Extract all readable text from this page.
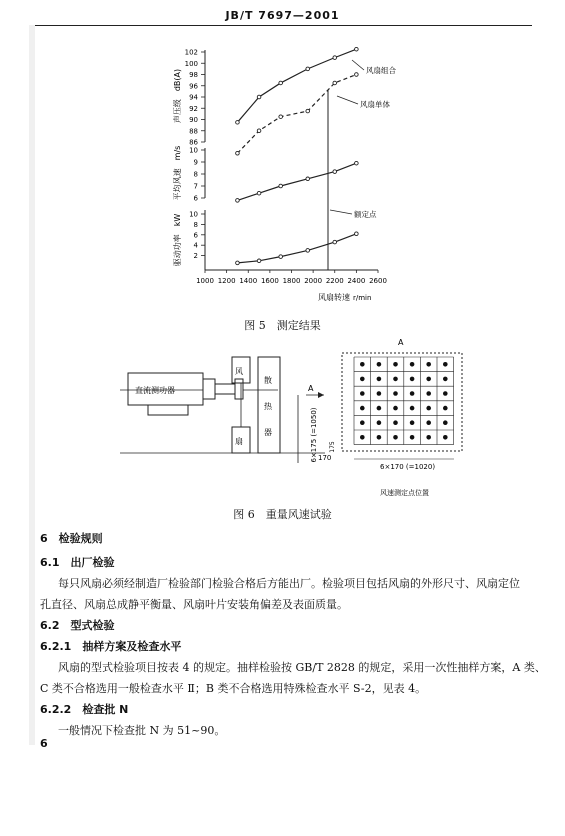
JB/T 7697—2001
1000 1200 1400 1600 1800 2000 2200 2400 2600
102
100
98
96
94
92
90
88
86
10
9
8
7
6
10
8
6
4
2
声压级　dB(A)
平均风速　m/s
驱动功率　kW
风扇组合
风扇单体
额定点
风扇转速 r/min
图 5　测定结果
直流测功器
风
扇
散
热
器
A
A
6×175 (=1050) 170
175
6×170 (=1020)
风速测定点位置
图 6　重量风速试验
6　检验规则
6.1　出厂检验
每只风扇必须经制造厂检验部门检验合格后方能出厂。检验项目包括风扇的外形尺寸、风扇定位
孔直径、风扇总成静平衡量、风扇叶片安装角偏差及表面质量。
6.2　型式检验
6.2.1　抽样方案及检查水平
风扇的型式检验项目按表 4 的规定。抽样检验按 GB/T 2828 的规定，采用一次性抽样方案，A 类、
C 类不合格选用一般检查水平 Ⅱ；B 类不合格选用特殊检查水平 S-2，见表 4。
6.2.2　检查批 N
一般情况下检查批 N 为 51~90。
6
